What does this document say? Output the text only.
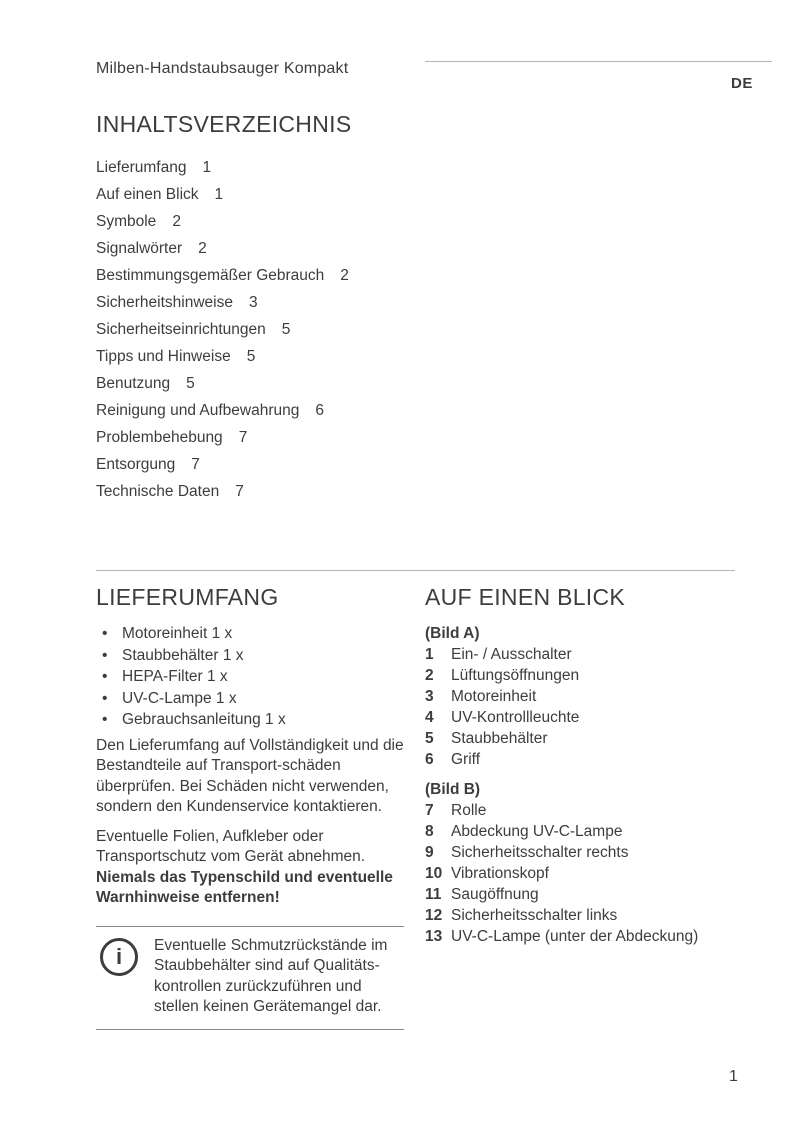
Milben-Handstaubsauger Kompakt
DE
INHALTSVERZEICHNIS
Lieferumfang 1
Auf einen Blick 1
Symbole 2
Signalwörter 2
Bestimmungsgemäßer Gebrauch 2
Sicherheitshinweise 3
Sicherheitseinrichtungen 5
Tipps und Hinweise 5
Benutzung 5
Reinigung und Aufbewahrung 6
Problembehebung 7
Entsorgung 7
Technische Daten 7
LIEFERUMFANG
• Motoreinheit 1 x
• Staubbehälter 1 x
• HEPA-Filter 1 x
• UV-C-Lampe 1 x
• Gebrauchsanleitung 1 x

Den Lieferumfang auf Vollständigkeit und die Bestandteile auf Transport-schäden überprüfen. Bei Schäden nicht verwenden, sondern den Kundenservice kontaktieren.

Eventuelle Folien, Aufkleber oder Transportschutz vom Gerät abnehmen. Niemals das Typenschild und eventuelle Warnhinweise entfernen!

i	Eventuelle Schmutzrückstände im Staubbehälter sind auf Qualitäts-kontrollen zurückzuführen und stellen keinen Gerätemangel dar.

AUF EINEN BLICK
(Bild A)
1	Ein- / Ausschalter
2	Lüftungsöffnungen
3	Motoreinheit
4	UV-Kontrollleuchte
5	Staubbehälter
6	Griff
(Bild B)
7	Rolle
8	Abdeckung UV-C-Lampe
9	Sicherheitsschalter rechts
10 Vibrationskopf
11 Saugöffnung
12 Sicherheitsschalter links
13 UV-C-Lampe (unter der Abdeckung)
1
